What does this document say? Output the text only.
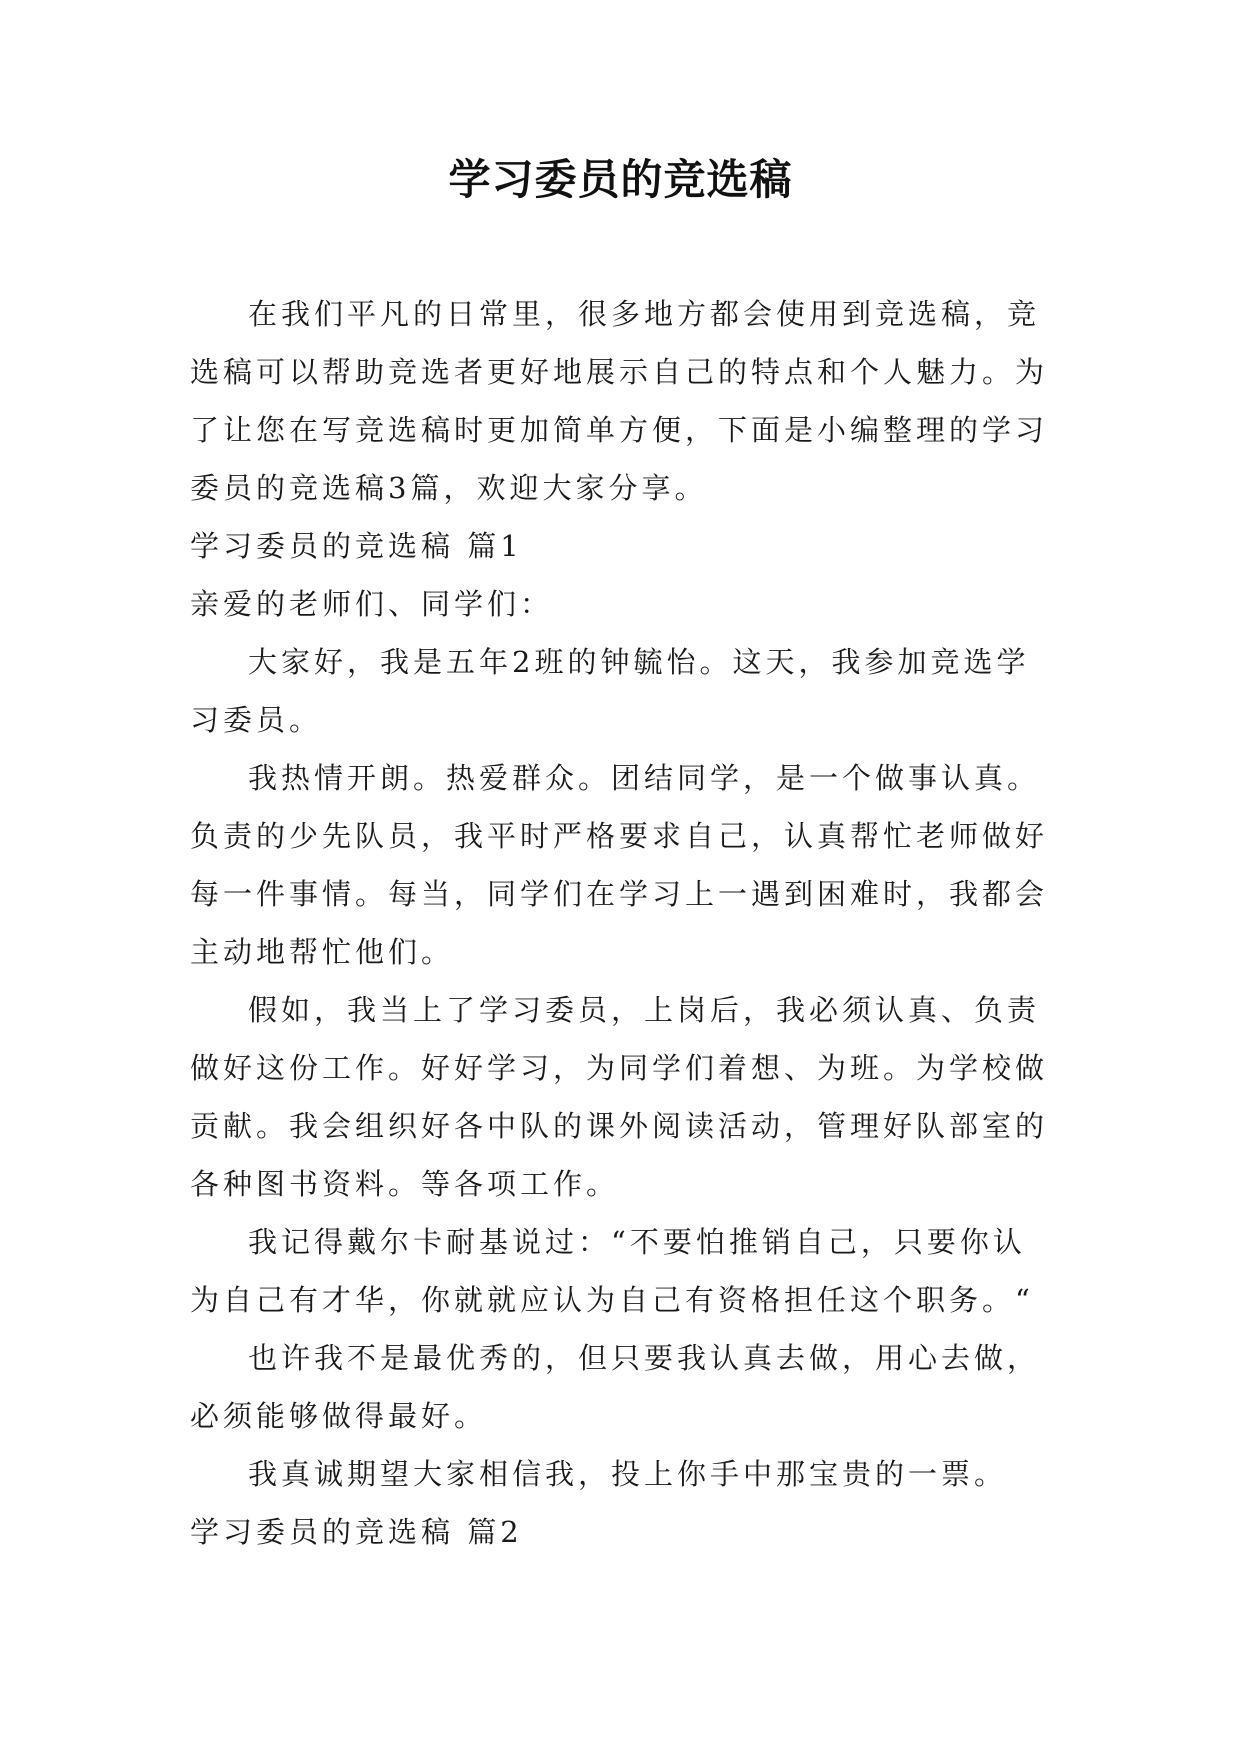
学习委员的竞选稿

在我们平凡的日常里，很多地方都会使用到竞选稿，竞选稿可以帮助竞选者更好地展示自己的特点和个人魅力。为了让您在写竞选稿时更加简单方便，下面是小编整理的学习委员的竞选稿3篇，欢迎大家分享。

学习委员的竞选稿 篇1

亲爱的老师们、同学们：

大家好，我是五年2班的钟毓怡。这天，我参加竞选学习委员。

我热情开朗。热爱群众。团结同学，是一个做事认真。负责的少先队员，我平时严格要求自己，认真帮忙老师做好每一件事情。每当，同学们在学习上一遇到困难时，我都会主动地帮忙他们。

假如，我当上了学习委员，上岗后，我必须认真、负责做好这份工作。好好学习，为同学们着想、为班。为学校做贡献。我会组织好各中队的课外阅读活动，管理好队部室的各种图书资料。等各项工作。

我记得戴尔卡耐基说过：“不要怕推销自己，只要你认为自己有才华，你就就应认为自己有资格担任这个职务。“

也许我不是最优秀的，但只要我认真去做，用心去做，必须能够做得最好。

我真诚期望大家相信我，投上你手中那宝贵的一票。

学习委员的竞选稿 篇2
